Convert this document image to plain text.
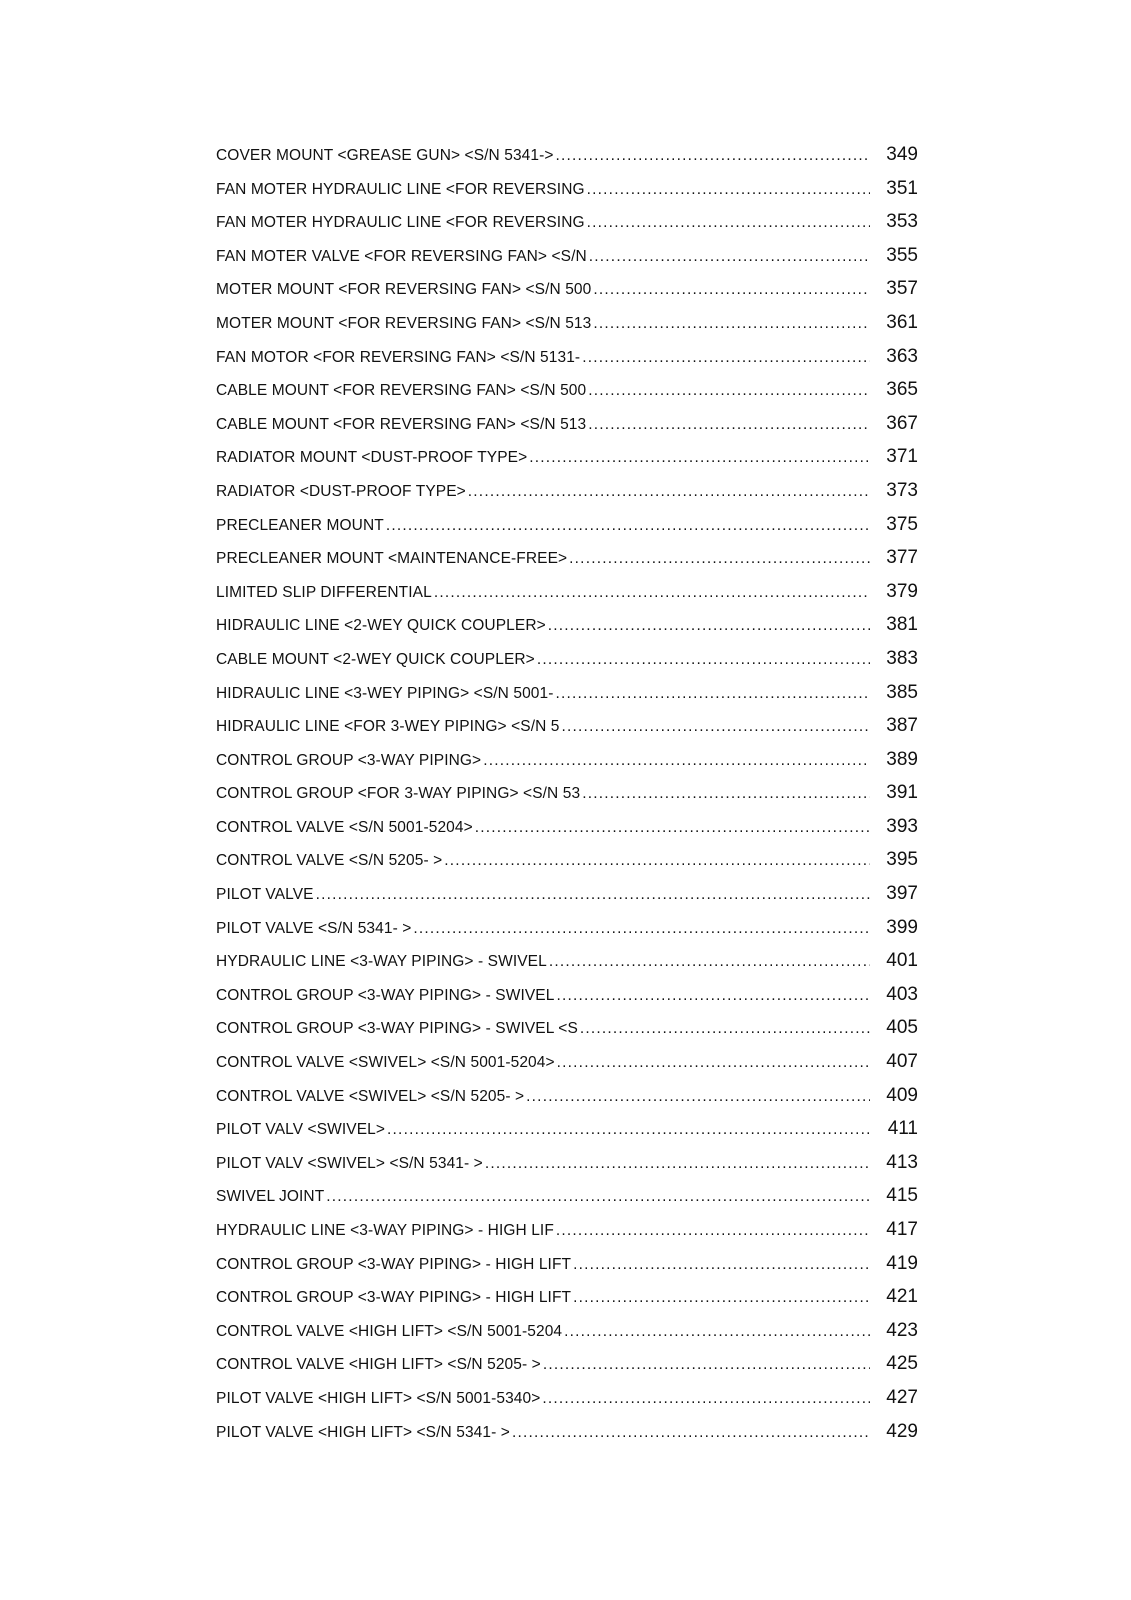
COVER MOUNT <GREASE GUN> <S/N 5341-> .....	349
FAN MOTER HYDRAULIC LINE <FOR REVERSING .....	351
FAN MOTER HYDRAULIC LINE <FOR REVERSING .....	353
FAN MOTER VALVE <FOR REVERSING FAN> <S/N .....	355
MOTER MOUNT <FOR REVERSING FAN> <S/N 500 .....	357
MOTER MOUNT <FOR REVERSING FAN> <S/N 513 .....	361
FAN MOTOR <FOR REVERSING FAN> <S/N 5131- .....	363
CABLE MOUNT <FOR REVERSING FAN> <S/N 500 .....	365
CABLE MOUNT <FOR REVERSING FAN> <S/N 513 .....	367
RADIATOR MOUNT <DUST-PROOF TYPE> .....	371
RADIATOR <DUST-PROOF TYPE> .....	373
PRECLEANER MOUNT .....	375
PRECLEANER MOUNT <MAINTENANCE-FREE> .....	377
LIMITED SLIP DIFFERENTIAL .....	379
HIDRAULIC LINE <2-WEY QUICK COUPLER> .....	381
CABLE MOUNT <2-WEY QUICK COUPLER> .....	383
HIDRAULIC LINE <3-WEY PIPING> <S/N 5001- .....	385
HIDRAULIC LINE <FOR 3-WEY PIPING> <S/N 5 .....	387
CONTROL GROUP <3-WAY PIPING> .....	389
CONTROL GROUP <FOR 3-WAY PIPING> <S/N 53 .....	391
CONTROL VALVE <S/N 5001-5204> .....	393
CONTROL VALVE <S/N 5205- > .....	395
PILOT VALVE .....	397
PILOT VALVE <S/N 5341- > .....	399
HYDRAULIC LINE <3-WAY PIPING> - SWIVEL .....	401
CONTROL GROUP <3-WAY PIPING> - SWIVEL .....	403
CONTROL GROUP <3-WAY PIPING> - SWIVEL <S .....	405
CONTROL VALVE <SWIVEL> <S/N 5001-5204> .....	407
CONTROL VALVE <SWIVEL> <S/N 5205- > .....	409
PILOT VALV <SWIVEL> .....	411
PILOT VALV <SWIVEL> <S/N 5341- > .....	413
SWIVEL JOINT .....	415
HYDRAULIC LINE <3-WAY PIPING> - HIGH LIF .....	417
CONTROL GROUP <3-WAY PIPING> - HIGH LIFT .....	419
CONTROL GROUP <3-WAY PIPING> - HIGH LIFT .....	421
CONTROL VALVE <HIGH LIFT> <S/N 5001-5204 .....	423
CONTROL VALVE <HIGH LIFT> <S/N 5205- > .....	425
PILOT VALVE <HIGH LIFT> <S/N 5001-5340> .....	427
PILOT VALVE <HIGH LIFT> <S/N 5341- > .....	429
